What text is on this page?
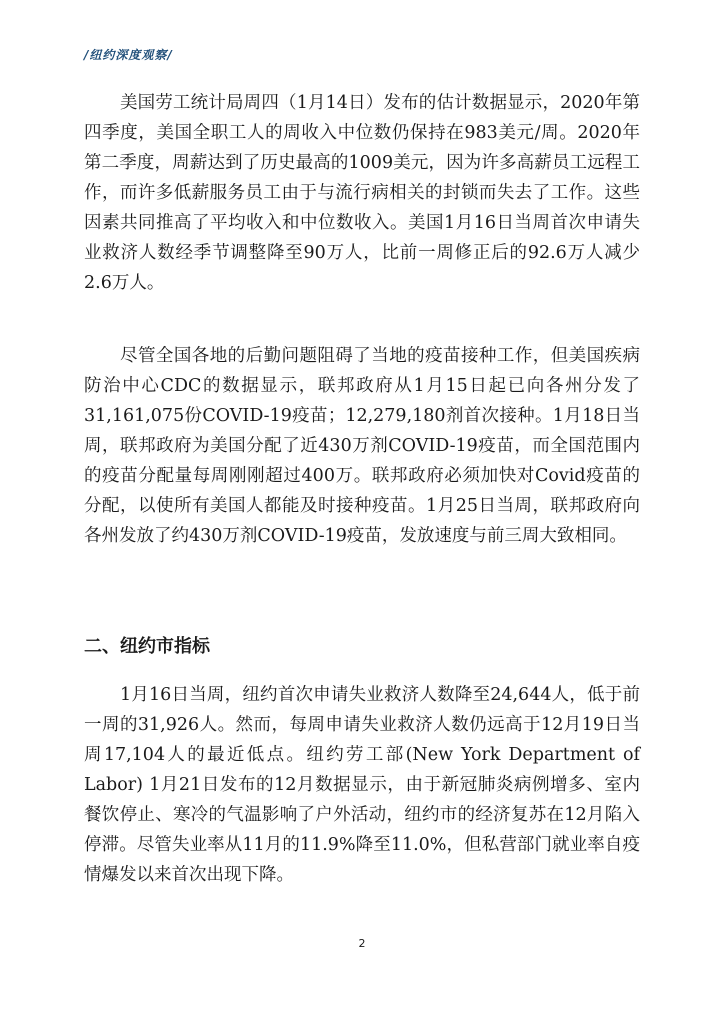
/纽约深度观察/

美国劳工统计局周四（1月14日）发布的估计数据显示，2020年第四季度，美国全职工人的周收入中位数仍保持在983美元/周。2020年第二季度，周薪达到了历史最高的1009美元，因为许多高薪员工远程工作，而许多低薪服务员工由于与流行病相关的封锁而失去了工作。这些因素共同推高了平均收入和中位数收入。美国1月16日当周首次申请失业救济人数经季节调整降至90万人，比前一周修正后的92.6万人减少2.6万人。

尽管全国各地的后勤问题阻碍了当地的疫苗接种工作，但美国疾病防治中心CDC的数据显示，联邦政府从1月15日起已向各州分发了31,161,075份COVID-19疫苗；12,279,180剂首次接种。1月18日当周，联邦政府为美国分配了近430万剂COVID-19疫苗，而全国范围内的疫苗分配量每周刚刚超过400万。联邦政府必须加快对Covid疫苗的分配，以使所有美国人都能及时接种疫苗。1月25日当周，联邦政府向各州发放了约430万剂COVID-19疫苗，发放速度与前三周大致相同。

二、纽约市指标

1月16日当周，纽约首次申请失业救济人数降至24,644人，低于前一周的31,926人。然而，每周申请失业救济人数仍远高于12月19日当周17,104人的最近低点。纽约劳工部(New York Department of Labor) 1月21日发布的12月数据显示，由于新冠肺炎病例增多、室内餐饮停止、寒冷的气温影响了户外活动，纽约市的经济复苏在12月陷入停滞。尽管失业率从11月的11.9%降至11.0%，但私营部门就业率自疫情爆发以来首次出现下降。

2
